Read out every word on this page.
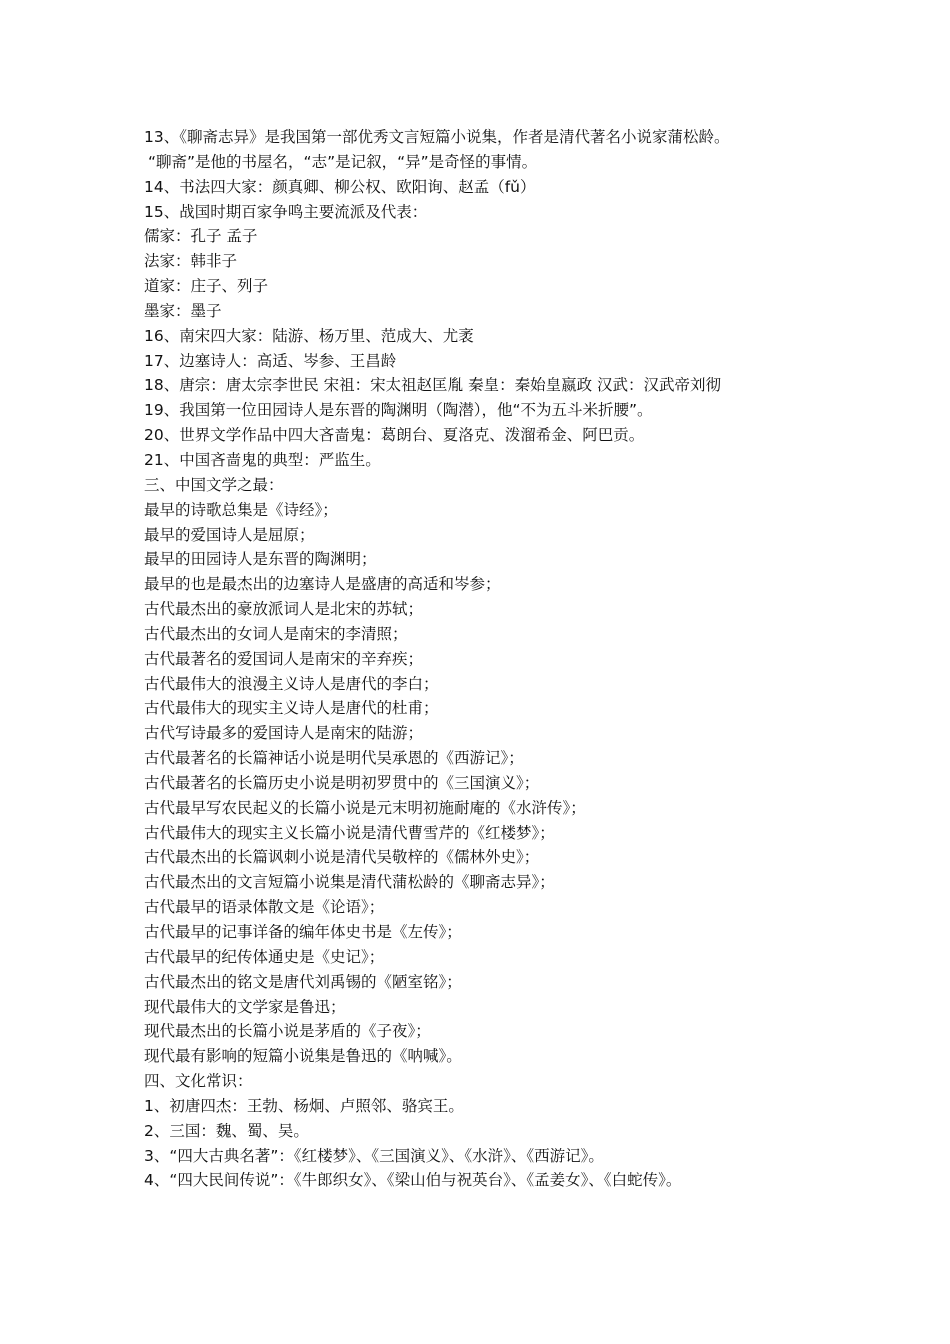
13、《聊斋志异》是我国第一部优秀文言短篇小说集，作者是清代著名小说家蒲松龄。
“聊斋”是他的书屋名，“志”是记叙，“异”是奇怪的事情。
14、书法四大家：颜真卿、柳公权、欧阳询、赵孟（fǔ）
15、战国时期百家争鸣主要流派及代表：
儒家：孔子 孟子
法家：韩非子
道家：庄子、列子
墨家：墨子
16、南宋四大家：陆游、杨万里、范成大、尤袤
17、边塞诗人：高适、岑参、王昌龄
18、唐宗：唐太宗李世民 宋祖：宋太祖赵匡胤 秦皇：秦始皇嬴政 汉武：汉武帝刘彻
19、我国第一位田园诗人是东晋的陶渊明（陶潜），他“不为五斗米折腰”。
20、世界文学作品中四大吝啬鬼：葛朗台、夏洛克、泼溜希金、阿巴贡。
21、中国吝啬鬼的典型：严监生。
三、中国文学之最：
最早的诗歌总集是《诗经》；
最早的爱国诗人是屈原；
最早的田园诗人是东晋的陶渊明；
最早的也是最杰出的边塞诗人是盛唐的高适和岑参；
古代最杰出的豪放派词人是北宋的苏轼；
古代最杰出的女词人是南宋的李清照；
古代最著名的爱国词人是南宋的辛弃疾；
古代最伟大的浪漫主义诗人是唐代的李白；
古代最伟大的现实主义诗人是唐代的杜甫；
古代写诗最多的爱国诗人是南宋的陆游；
古代最著名的长篇神话小说是明代吴承恩的《西游记》；
古代最著名的长篇历史小说是明初罗贯中的《三国演义》；
古代最早写农民起义的长篇小说是元末明初施耐庵的《水浒传》；
古代最伟大的现实主义长篇小说是清代曹雪芹的《红楼梦》；
古代最杰出的长篇讽刺小说是清代吴敬梓的《儒林外史》；
古代最杰出的文言短篇小说集是清代蒲松龄的《聊斋志异》；
古代最早的语录体散文是《论语》；
古代最早的记事详备的编年体史书是《左传》；
古代最早的纪传体通史是《史记》；
古代最杰出的铭文是唐代刘禹锡的《陋室铭》；
现代最伟大的文学家是鲁迅；
现代最杰出的长篇小说是茅盾的《子夜》；
现代最有影响的短篇小说集是鲁迅的《呐喊》。
四、文化常识：
1、初唐四杰：王勃、杨炯、卢照邻、骆宾王。
2、三国：魏、蜀、吴。
3、“四大古典名著”：《红楼梦》、《三国演义》、《水浒》、《西游记》。
4、“四大民间传说”：《牛郎织女》、《梁山伯与祝英台》、《孟姜女》、《白蛇传》。
